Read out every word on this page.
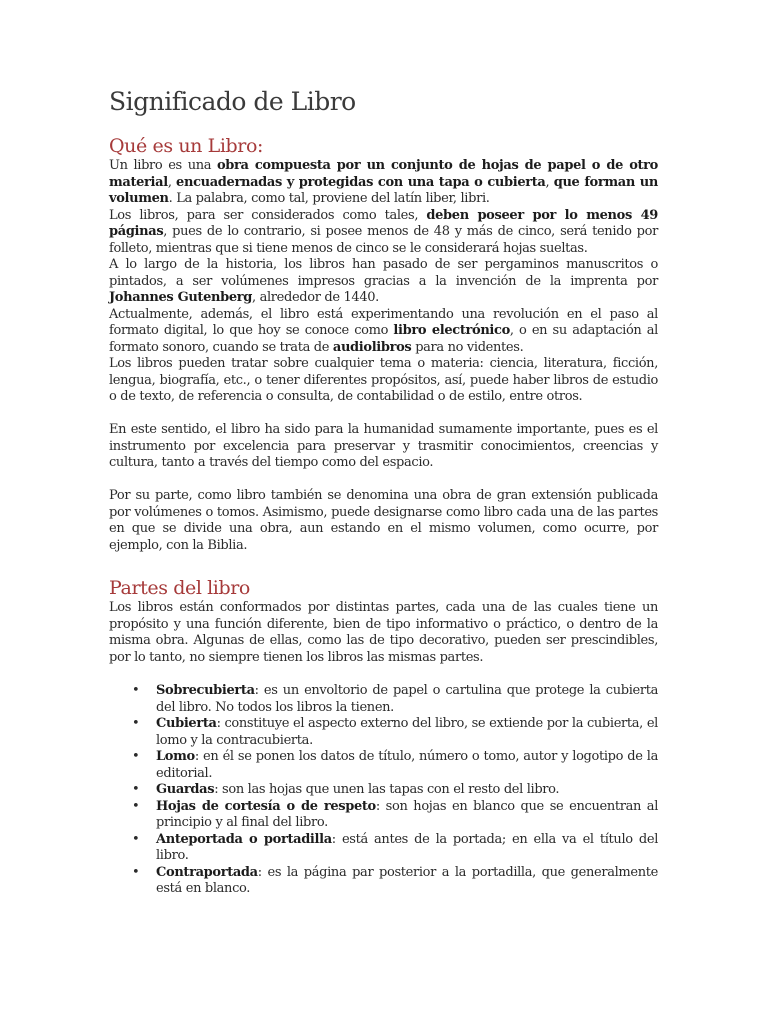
Significado de Libro
Qué es un Libro:

Un libro es una obra compuesta por un conjunto de hojas de papel o de otro material, encuadernadas y protegidas con una tapa o cubierta, que forman un volumen. La palabra, como tal, proviene del latín liber, libri.

Los libros, para ser considerados como tales, deben poseer por lo menos 49 páginas, pues de lo contrario, si posee menos de 48 y más de cinco, será tenido por folleto, mientras que si tiene menos de cinco se le considerará hojas sueltas.

A lo largo de la historia, los libros han pasado de ser pergaminos manuscritos o pintados, a ser volúmenes impresos gracias a la invención de la imprenta por Johannes Gutenberg, alrededor de 1440.

Actualmente, además, el libro está experimentando una revolución en el paso al formato digital, lo que hoy se conoce como libro electrónico, o en su adaptación al formato sonoro, cuando se trata de audiolibros para no videntes.

Los libros pueden tratar sobre cualquier tema o materia: ciencia, literatura, ficción, lengua, biografía, etc., o tener diferentes propósitos, así, puede haber libros de estudio o de texto, de referencia o consulta, de contabilidad o de estilo, entre otros.

En este sentido, el libro ha sido para la humanidad sumamente importante, pues es el instrumento por excelencia para preservar y trasmitir conocimientos, creencias y cultura, tanto a través del tiempo como del espacio.

Por su parte, como libro también se denomina una obra de gran extensión publicada por volúmenes o tomos. Asimismo, puede designarse como libro cada una de las partes en que se divide una obra, aun estando en el mismo volumen, como ocurre, por ejemplo, con la Biblia.

Partes del libro

Los libros están conformados por distintas partes, cada una de las cuales tiene un propósito y una función diferente, bien de tipo informativo o práctico, o dentro de la misma obra. Algunas de ellas, como las de tipo decorativo, pueden ser prescindibles, por lo tanto, no siempre tienen los libros las mismas partes.

• Sobrecubierta: es un envoltorio de papel o cartulina que protege la cubierta del libro. No todos los libros la tienen.
• Cubierta: constituye el aspecto externo del libro, se extiende por la cubierta, el lomo y la contracubierta.
• Lomo: en él se ponen los datos de título, número o tomo, autor y logotipo de la editorial.
• Guardas: son las hojas que unen las tapas con el resto del libro.
• Hojas de cortesía o de respeto: son hojas en blanco que se encuentran al principio y al final del libro.
• Anteportada o portadilla: está antes de la portada; en ella va el título del libro.
• Contraportada: es la página par posterior a la portadilla, que generalmente está en blanco.
